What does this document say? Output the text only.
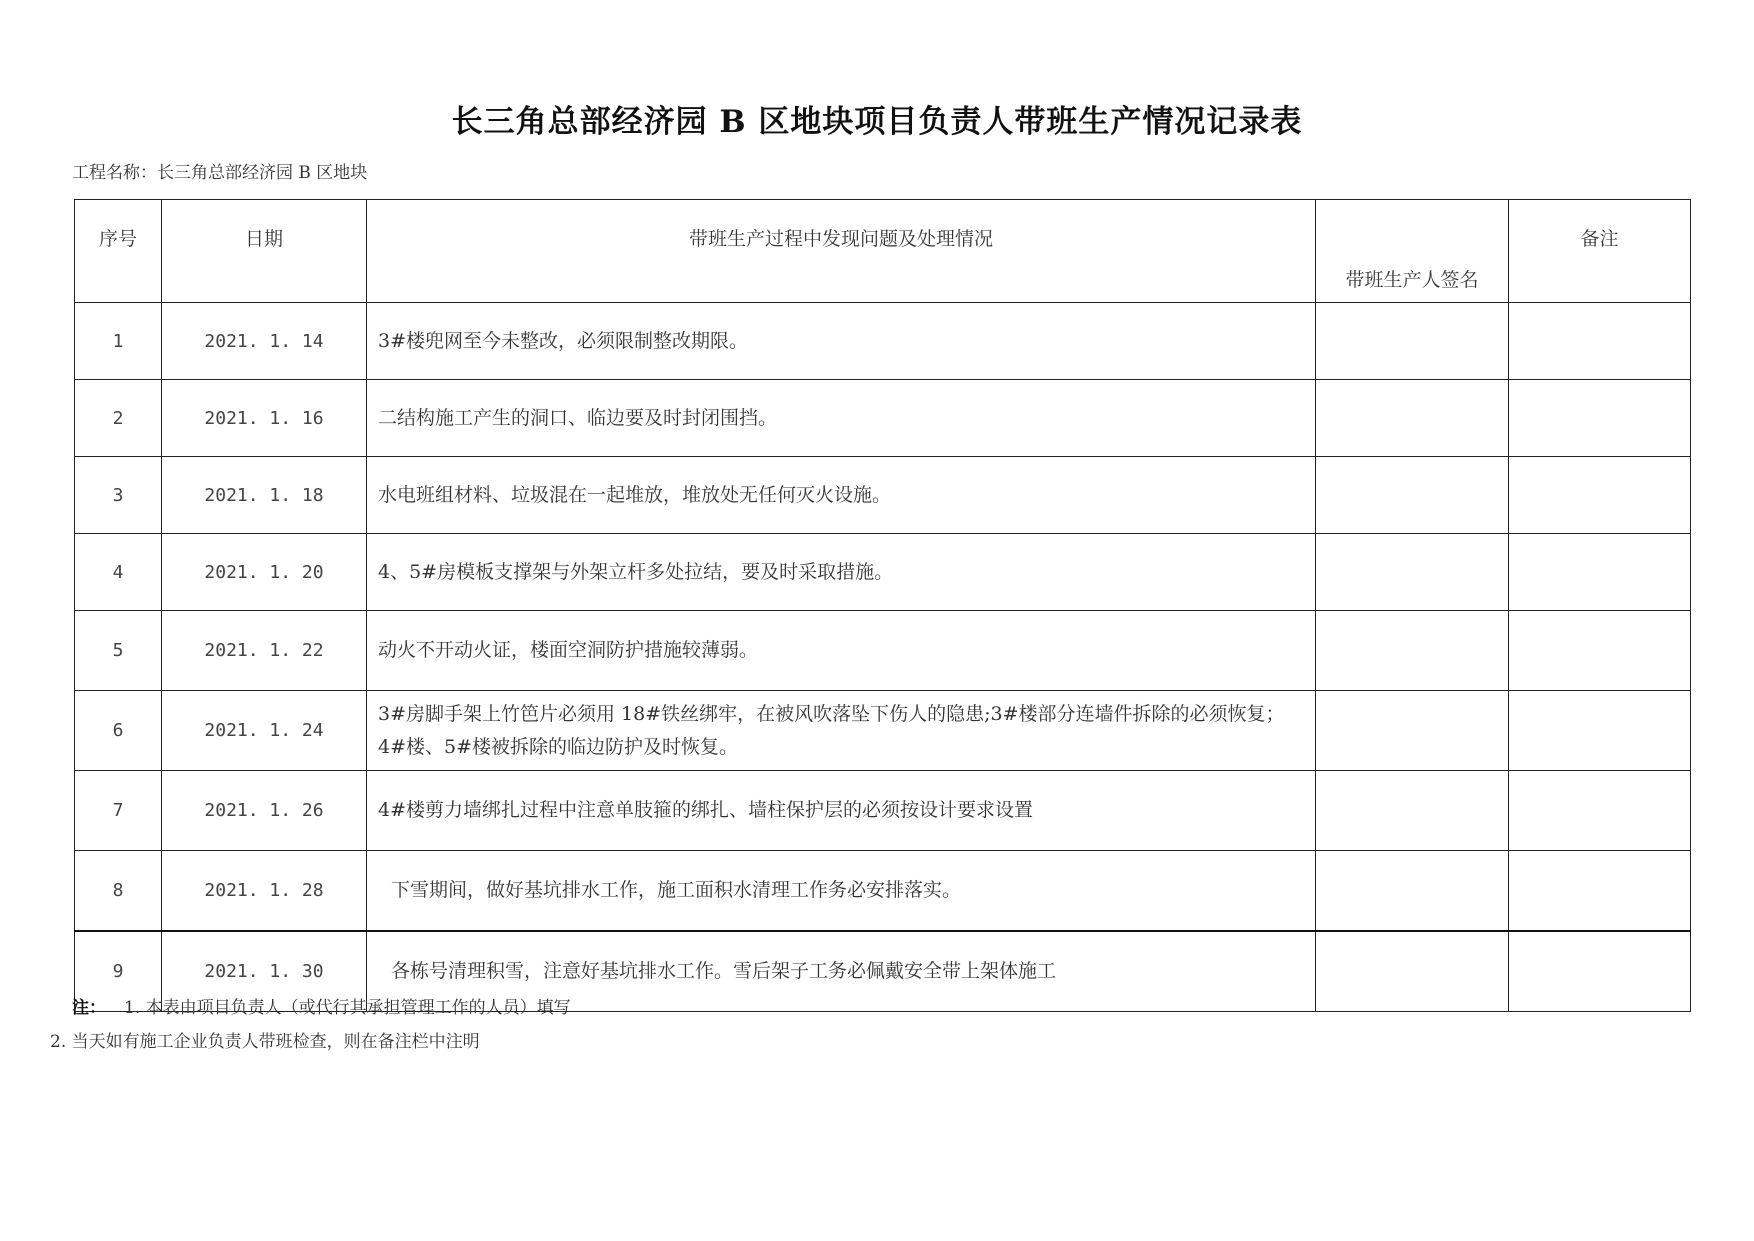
长三角总部经济园 B 区地块项目负责人带班生产情况记录表
工程名称：长三角总部经济园 B 区地块
序号	日期	带班生产过程中发现问题及处理情况	带班生产人签名	备注
1	2021. 1. 14	3#楼兜网至今未整改，必须限制整改期限。		
2	2021. 1. 16	二结构施工产生的洞口、临边要及时封闭围挡。		
3	2021. 1. 18	水电班组材料、垃圾混在一起堆放，堆放处无任何灭火设施。		
4	2021. 1. 20	4、5#房模板支撑架与外架立杆多处拉结，要及时采取措施。		
5	2021. 1. 22	动火不开动火证，楼面空洞防护措施较薄弱。		
6	2021. 1. 24	3#房脚手架上竹笆片必须用 18#铁丝绑牢，在被风吹落坠下伤人的隐患;3#楼部分连墙件拆除的必须恢复；4#楼、5#楼被拆除的临边防护及时恢复。		
7	2021. 1. 26	4#楼剪力墙绑扎过程中注意单肢箍的绑扎、墙柱保护层的必须按设计要求设置		
8	2021. 1. 28	下雪期间，做好基坑排水工作，施工面积水清理工作务必安排落实。		
9	2021. 1. 30	各栋号清理积雪，注意好基坑排水工作。雪后架子工务必佩戴安全带上架体施工		
注： 1. 本表由项目负责人（或代行其承担管理工作的人员）填写
2. 当天如有施工企业负责人带班检查，则在备注栏中注明
